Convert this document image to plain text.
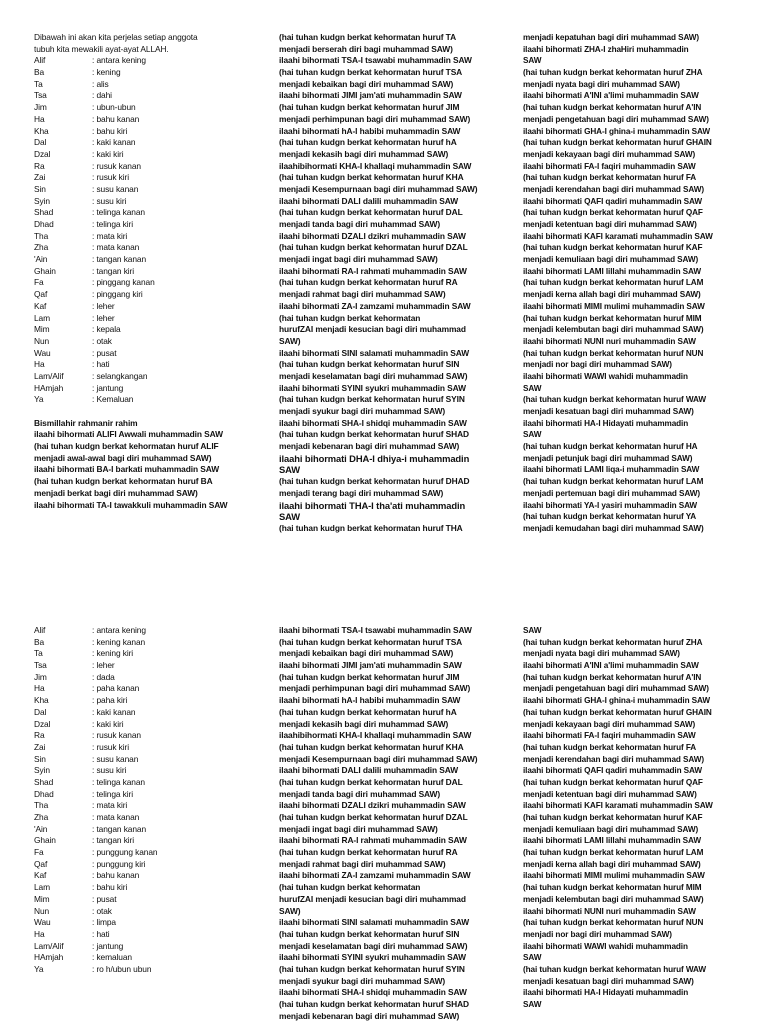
Dibawah ini akan kita perjelas setiap anggota
tubuh kita mewakili ayat-ayat ALLAH.
Alif	: antara kening
Ba	: kening
Ta	: alis
Tsa	: dahi
Jim	: ubun-ubun
Ha	: bahu kanan
Kha	: bahu kiri
Dal	: kaki kanan
Dzal	: kaki kiri
Ra	: rusuk kanan
Zai	: rusuk kiri
Sin	: susu kanan
Syin	: susu kiri
Shad	: telinga kanan
Dhad	: telinga kiri
Tha	: mata kiri
Zha	: mata kanan
'Ain	: tangan kanan
Ghain	: tangan kiri
Fa	: pinggang kanan
Qaf	: pinggang kiri
Kaf	: leher
Lam	: leher
Mim	: kepala
Nun	: otak
Wau	: pusat
Ha	: hati
Lam/Alif	: selangkangan
HAmjah	: jantung
Ya	: Kemaluan
Bismillahir rahmanir rahim
ilaahi bihormati ALIFI Awwali muhammadin SAW
(hai tuhan kudgn berkat kehormatan huruf ALIF
menjadi awal-awal bagi diri muhammad SAW)
ilaahi bihormati BA-I barkati muhammadin SAW
(hai tuhan kudgn berkat kehormatan huruf BA
menjadi berkat bagi diri muhammad SAW)
ilaahi bihormati TA-I tawakkuli muhammadin SAW
(hai tuhan kudgn berkat kehormatan huruf TA
menjadi berserah diri bagi muhammad SAW)
ilaahi bihormati TSA-I tsawabi muhammadin SAW
(hai tuhan kudgn berkat kehormatan huruf TSA
menjadi kebaikan bagi diri muhammad SAW)
ilaahi bihormati JIMI jam'ati muhammadin SAW
(hai tuhan kudgn berkat kehormatan huruf JIM
menjadi perhimpunan bagi diri muhammad SAW)
ilaahi bihormati hA-I habibi muhammadin SAW
(hai tuhan kudgn berkat kehormatan huruf hA
menjadi kekasih bagi diri muhammad SAW)
ilaahibihormati KHA-I khallaqi muhammadin SAW
(hai tuhan kudgn berkat kehormatan huruf KHA
menjadi Kesempurnaan bagi diri muhammad SAW)
ilaahi bihormati DALI dalili muhammadin SAW
(hai tuhan kudgn berkat kehormatan huruf DAL
menjadi tanda bagi diri muhammad SAW)
ilaahi bihormati DZALI dzikri muhammadin SAW
(hai tuhan kudgn berkat kehormatan huruf DZAL
menjadi ingat bagi diri muhammad SAW)
ilaahi bihormati RA-I rahmati muhammadin SAW
(hai tuhan kudgn berkat kehormatan huruf RA
menjadi rahmat bagi diri muhammad SAW)
ilaahi bihormati ZA-I zamzami muhammadin SAW
(hai tuhan kudgn berkat kehormatan
hurufZAI menjadi kesucian bagi diri muhammad
SAW)
ilaahi bihormati SINI salamati muhammadin SAW
(hai tuhan kudgn berkat kehormatan huruf SIN
menjadi keselamatan bagi diri muhammad SAW)
ilaahi bihormati SYINI syukri muhammadin SAW
(hai tuhan kudgn berkat kehormatan huruf SYIN
menjadi syukur bagi diri muhammad SAW)
ilaahi bihormati SHA-I shidqi muhammadin SAW
(hai tuhan kudgn berkat kehormatan huruf SHAD
menjadi kebenaran bagi diri muhammad SAW)
ilaahi bihormati DHA-I dhiya-i muhammadin
SAW
(hai tuhan kudgn berkat kehormatan huruf DHAD
menjadi terang bagi diri muhammad SAW)
ilaahi bihormati THA-I tha'ati muhammadin
SAW
(hai tuhan kudgn berkat kehormatan huruf THA
menjadi kepatuhan bagi diri muhammad SAW)
ilaahi bihormati ZHA-I zhaHiri muhammadin
SAW
(hai tuhan kudgn berkat kehormatan huruf ZHA
menjadi nyata bagi diri muhammad SAW)
ilaahi bihormati A'INI a'limi muhammadin SAW
(hai tuhan kudgn berkat kehormatan huruf A'IN
menjadi pengetahuan bagi diri muhammad SAW)
ilaahi bihormati GHA-I ghina-i muhammadin SAW
(hai tuhan kudgn berkat kehormatan huruf GHAIN
menjadi kekayaan bagi diri muhammad SAW)
ilaahi bihormati FA-I faqiri muhammadin SAW
(hai tuhan kudgn berkat kehormatan huruf FA
menjadi kerendahan bagi diri muhammad SAW)
ilaahi bihormati QAFI qadiri muhammadin SAW
(hai tuhan kudgn berkat kehormatan huruf QAF
menjadi ketentuan bagi diri muhammad SAW)
ilaahi bihormati KAFI karamati muhammadin SAW
(hai tuhan kudgn berkat kehormatan huruf KAF
menjadi kemuliaan bagi diri muhammad SAW)
ilaahi bihormati LAMI lillahi muhammadin SAW
(hai tuhan kudgn berkat kehormatan huruf LAM
menjadi kerna allah bagi diri muhammad SAW)
ilaahi bihormati MIMI mulimi muhammadin SAW
(hai tuhan kudgn berkat kehormatan huruf MIM
menjadi kelembutan bagi diri muhammad SAW)
ilaahi bihormati NUNI nuri muhammadin SAW
(hai tuhan kudgn berkat kehormatan huruf NUN
menjadi nor bagi diri muhammad SAW)
ilaahi bihormati WAWI wahidi muhammadin
SAW
(hai tuhan kudgn berkat kehormatan huruf WAW
menjadi kesatuan bagi diri muhammad SAW)
ilaahi bihormati HA-I Hidayati muhammadin
SAW
(hai tuhan kudgn berkat kehormatan huruf HA
menjadi petunjuk bagi diri muhammad SAW)
ilaahi bihormati LAMI liqa-i muhammadin SAW
(hai tuhan kudgn berkat kehormatan huruf LAM
menjadi pertemuan bagi diri muhammad SAW)
ilaahi bihormati YA-I yasiri muhammadin SAW
(hai tuhan kudgn berkat kehormatan huruf YA
menjadi kemudahan bagi diri muhammad SAW)
Alif	: antara kening
Ba	: kening kanan
Ta	: kening kiri
Tsa	: leher
Jim	: dada
Ha	: paha kanan
Kha	: paha kiri
Dal	: kaki kanan
Dzal	: kaki kiri
Ra	: rusuk kanan
Zai	: rusuk kiri
Sin	: susu kanan
Syin	: susu kiri
Shad	: telinga kanan
Dhad	: telinga kiri
Tha	: mata kiri
Zha	: mata kanan
'Ain	: tangan kanan
Ghain	: tangan kiri
Fa	: punggung kanan
Qaf	: punggung kiri
Kaf	: bahu kanan
Lam	: bahu kiri
Mim	: pusat
Nun	: otak
Wau	: limpa
Ha	: hati
Lam/Alif	: jantung
HAmjah	: kemaluan
Ya	: ro h/ubun ubun
ilaahi bihormati TSA-I tsawabi muhammadin SAW
(hai tuhan kudgn berkat kehormatan huruf TSA
menjadi kebaikan bagi diri muhammad SAW)
ilaahi bihormati JIMI jam'ati muhammadin SAW
(hai tuhan kudgn berkat kehormatan huruf JIM
menjadi perhimpunan bagi diri muhammad SAW)
ilaahi bihormati hA-I habibi muhammadin SAW
(hai tuhan kudgn berkat kehormatan huruf hA
menjadi kekasih bagi diri muhammad SAW)
ilaahibihormati KHA-I khallaqi muhammadin SAW
(hai tuhan kudgn berkat kehormatan huruf KHA
menjadi Kesempurnaan bagi diri muhammad SAW)
ilaahi bihormati DALI dalili muhammadin SAW
(hai tuhan kudgn berkat kehormatan huruf DAL
menjadi tanda bagi diri muhammad SAW)
ilaahi bihormati DZALI dzikri muhammadin SAW
(hai tuhan kudgn berkat kehormatan huruf DZAL
menjadi ingat bagi diri muhammad SAW)
ilaahi bihormati RA-I rahmati muhammadin SAW
(hai tuhan kudgn berkat kehormatan huruf RA
menjadi rahmat bagi diri muhammad SAW)
ilaahi bihormati ZA-I zamzami muhammadin SAW
(hai tuhan kudgn berkat kehormatan
hurufZAI menjadi kesucian bagi diri muhammad
SAW)
ilaahi bihormati SINI salamati muhammadin SAW
(hai tuhan kudgn berkat kehormatan huruf SIN
menjadi keselamatan bagi diri muhammad SAW)
ilaahi bihormati SYINI syukri muhammadin SAW
(hai tuhan kudgn berkat kehormatan huruf SYIN
menjadi syukur bagi diri muhammad SAW)
ilaahi bihormati SHA-I shidqi muhammadin SAW
(hai tuhan kudgn berkat kehormatan huruf SHAD
menjadi kebenaran bagi diri muhammad SAW)
SAW
(hai tuhan kudgn berkat kehormatan huruf ZHA
menjadi nyata bagi diri muhammad SAW)
ilaahi bihormati A'INI a'limi muhammadin SAW
(hai tuhan kudgn berkat kehormatan huruf A'IN
menjadi pengetahuan bagi diri muhammad SAW)
ilaahi bihormati GHA-I ghina-i muhammadin SAW
(hai tuhan kudgn berkat kehormatan huruf GHAIN
menjadi kekayaan bagi diri muhammad SAW)
ilaahi bihormati FA-I faqiri muhammadin SAW
(hai tuhan kudgn berkat kehormatan huruf FA
menjadi kerendahan bagi diri muhammad SAW)
ilaahi bihormati QAFI qadiri muhammadin SAW
(hai tuhan kudgn berkat kehormatan huruf QAF
menjadi ketentuan bagi diri muhammad SAW)
ilaahi bihormati KAFI karamati muhammadin SAW
(hai tuhan kudgn berkat kehormatan huruf KAF
menjadi kemuliaan bagi diri muhammad SAW)
ilaahi bihormati LAMI lillahi muhammadin SAW
(hai tuhan kudgn berkat kehormatan huruf LAM
menjadi kerna allah bagi diri muhammad SAW)
ilaahi bihormati MIMI mulimi muhammadin SAW
(hai tuhan kudgn berkat kehormatan huruf MIM
menjadi kelembutan bagi diri muhammad SAW)
ilaahi bihormati NUNI nuri muhammadin SAW
(hai tuhan kudgn berkat kehormatan huruf NUN
menjadi nor bagi diri muhammad SAW)
ilaahi bihormati WAWI wahidi muhammadin
SAW
(hai tuhan kudgn berkat kehormatan huruf WAW
menjadi kesatuan bagi diri muhammad SAW)
ilaahi bihormati HA-I Hidayati muhammadin
SAW
